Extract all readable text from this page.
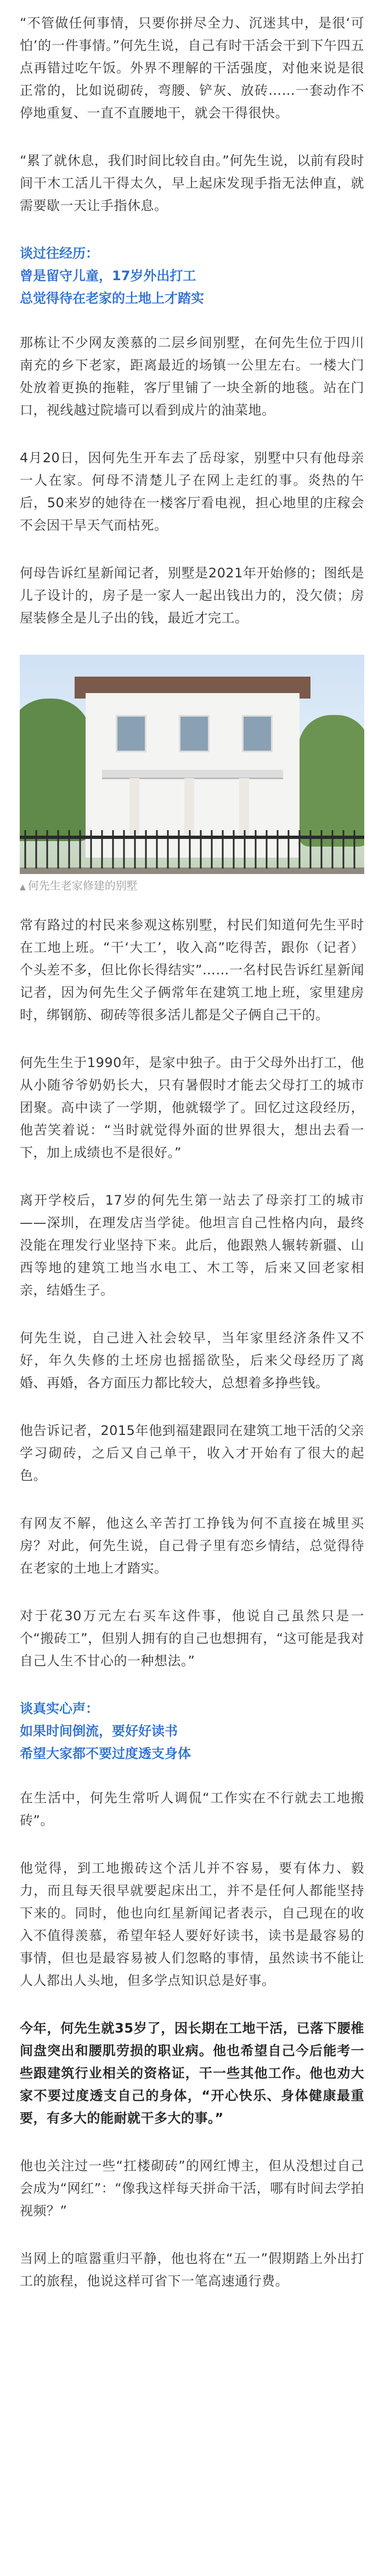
“不管做任何事情，只要你拼尽全力、沉迷其中，是很‘可怕’的一件事情。”何先生说，自己有时干活会干到下午四五点再错过吃午饭。外界不理解的干活强度，对他来说是很正常的，比如说砌砖，弯腰、铲灰、放砖……一套动作不停地重复、一直不直腰地干，就会干得很快。

“累了就休息，我们时间比较自由。”何先生说，以前有段时间干木工活儿干得太久，早上起床发现手指无法伸直，就需要歇一天让手指休息。

谈过往经历：
曾是留守儿童，17岁外出打工
总觉得待在老家的土地上才踏实

那栋让不少网友羡慕的二层乡间别墅，在何先生位于四川南充的乡下老家，距离最近的场镇一公里左右。一楼大门处放着更换的拖鞋，客厅里铺了一块全新的地毯。站在门口，视线越过院墙可以看到成片的油菜地。

4月20日，因何先生开车去了岳母家，别墅中只有他母亲一人在家。何母不清楚儿子在网上走红的事。炎热的午后，50来岁的她待在一楼客厅看电视，担心地里的庄稼会不会因干旱天气而枯死。

何母告诉红星新闻记者，别墅是2021年开始修的；图纸是儿子设计的，房子是一家人一起出钱出力的，没欠债；房屋装修全是儿子出的钱，最近才完工。

▲ 何先生老家修建的别墅

常有路过的村民来参观这栋别墅，村民们知道何先生平时在工地上班。“干‘大工’，收入高”吃得苦，跟你（记者）个头差不多，但比你长得结实”……一名村民告诉红星新闻记者，因为何先生父子俩常年在建筑工地上班，家里建房时，绑钢筋、砌砖等很多活儿都是父子俩自己干的。

何先生生于1990年，是家中独子。由于父母外出打工，他从小随爷爷奶奶长大，只有暑假时才能去父母打工的城市团聚。高中读了一学期，他就辍学了。回忆过这段经历，他苦笑着说：“当时就觉得外面的世界很大，想出去看一下，加上成绩也不是很好。”

离开学校后，17岁的何先生第一站去了母亲打工的城市——深圳，在理发店当学徒。他坦言自己性格内向，最终没能在理发行业坚持下来。此后，他跟熟人辗转新疆、山西等地的建筑工地当水电工、木工等，后来又回老家相亲，结婚生子。

何先生说，自己进入社会较早，当年家里经济条件又不好，年久失修的土坯房也摇摇欲坠，后来父母经历了离婚、再婚，各方面压力都比较大，总想着多挣些钱。

他告诉记者，2015年他到福建跟同在建筑工地干活的父亲学习砌砖，之后又自己单干，收入才开始有了很大的起色。

有网友不解，他这么辛苦打工挣钱为何不直接在城里买房？对此，何先生说，自己骨子里有恋乡情结，总觉得待在老家的土地上才踏实。

对于花30万元左右买车这件事，他说自己虽然只是一个“搬砖工”，但别人拥有的自己也想拥有，“这可能是我对自己人生不甘心的一种想法。”

谈真实心声：
如果时间倒流，要好好读书
希望大家都不要过度透支身体

在生活中，何先生常听人调侃“工作实在不行就去工地搬砖”。

他觉得，到工地搬砖这个活儿并不容易，要有体力、毅力，而且每天很早就要起床出工，并不是任何人都能坚持下来的。同时，他也向红星新闻记者表示，自己现在的收入不值得羡慕，希望年轻人要好好读书，读书是最容易的事情，但也是最容易被人们忽略的事情，虽然读书不能让人人都出人头地，但多学点知识总是好事。

今年，何先生就35岁了，因长期在工地干活，已落下腰椎间盘突出和腰肌劳损的职业病。他也希望自己今后能考一些跟建筑行业相关的资格证，干一些其他工作。他也劝大家不要过度透支自己的身体，“开心快乐、身体健康最重要，有多大的能耐就干多大的事。”

他也关注过一些“扛楼砌砖”的网红博主，但从没想过自己会成为“网红”：“像我这样每天拼命干活，哪有时间去学拍视频？”

当网上的喧嚣重归平静，他也将在“五一”假期踏上外出打工的旅程，他说这样可省下一笔高速通行费。
